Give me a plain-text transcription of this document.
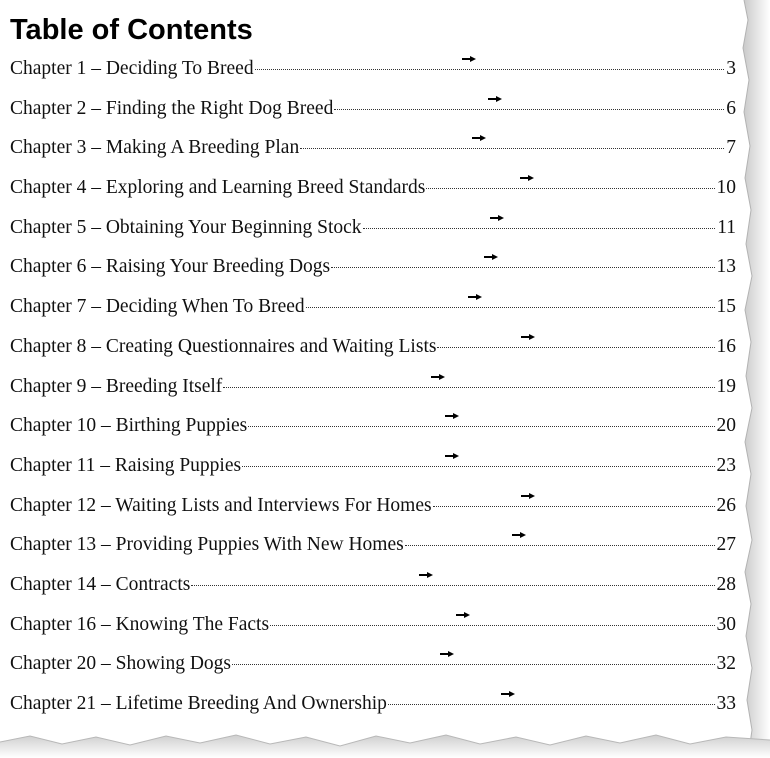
Table of Contents
Chapter 1 – Deciding To Breed	3
Chapter 2 – Finding the Right Dog Breed	6
Chapter 3 – Making A Breeding Plan	7
Chapter 4 – Exploring and Learning Breed Standards	10
Chapter 5 – Obtaining Your Beginning Stock	11
Chapter 6 – Raising Your Breeding Dogs	13
Chapter 7 – Deciding When To Breed	15
Chapter 8 – Creating Questionnaires and Waiting Lists	16
Chapter 9 – Breeding Itself	19
Chapter 10 – Birthing Puppies	20
Chapter 11 – Raising Puppies	23
Chapter 12 – Waiting Lists and Interviews For Homes	26
Chapter 13 – Providing Puppies With New Homes	27
Chapter 14 – Contracts	28
Chapter 16 – Knowing The Facts	30
Chapter 20 – Showing Dogs	32
Chapter 21 – Lifetime Breeding And Ownership	33
